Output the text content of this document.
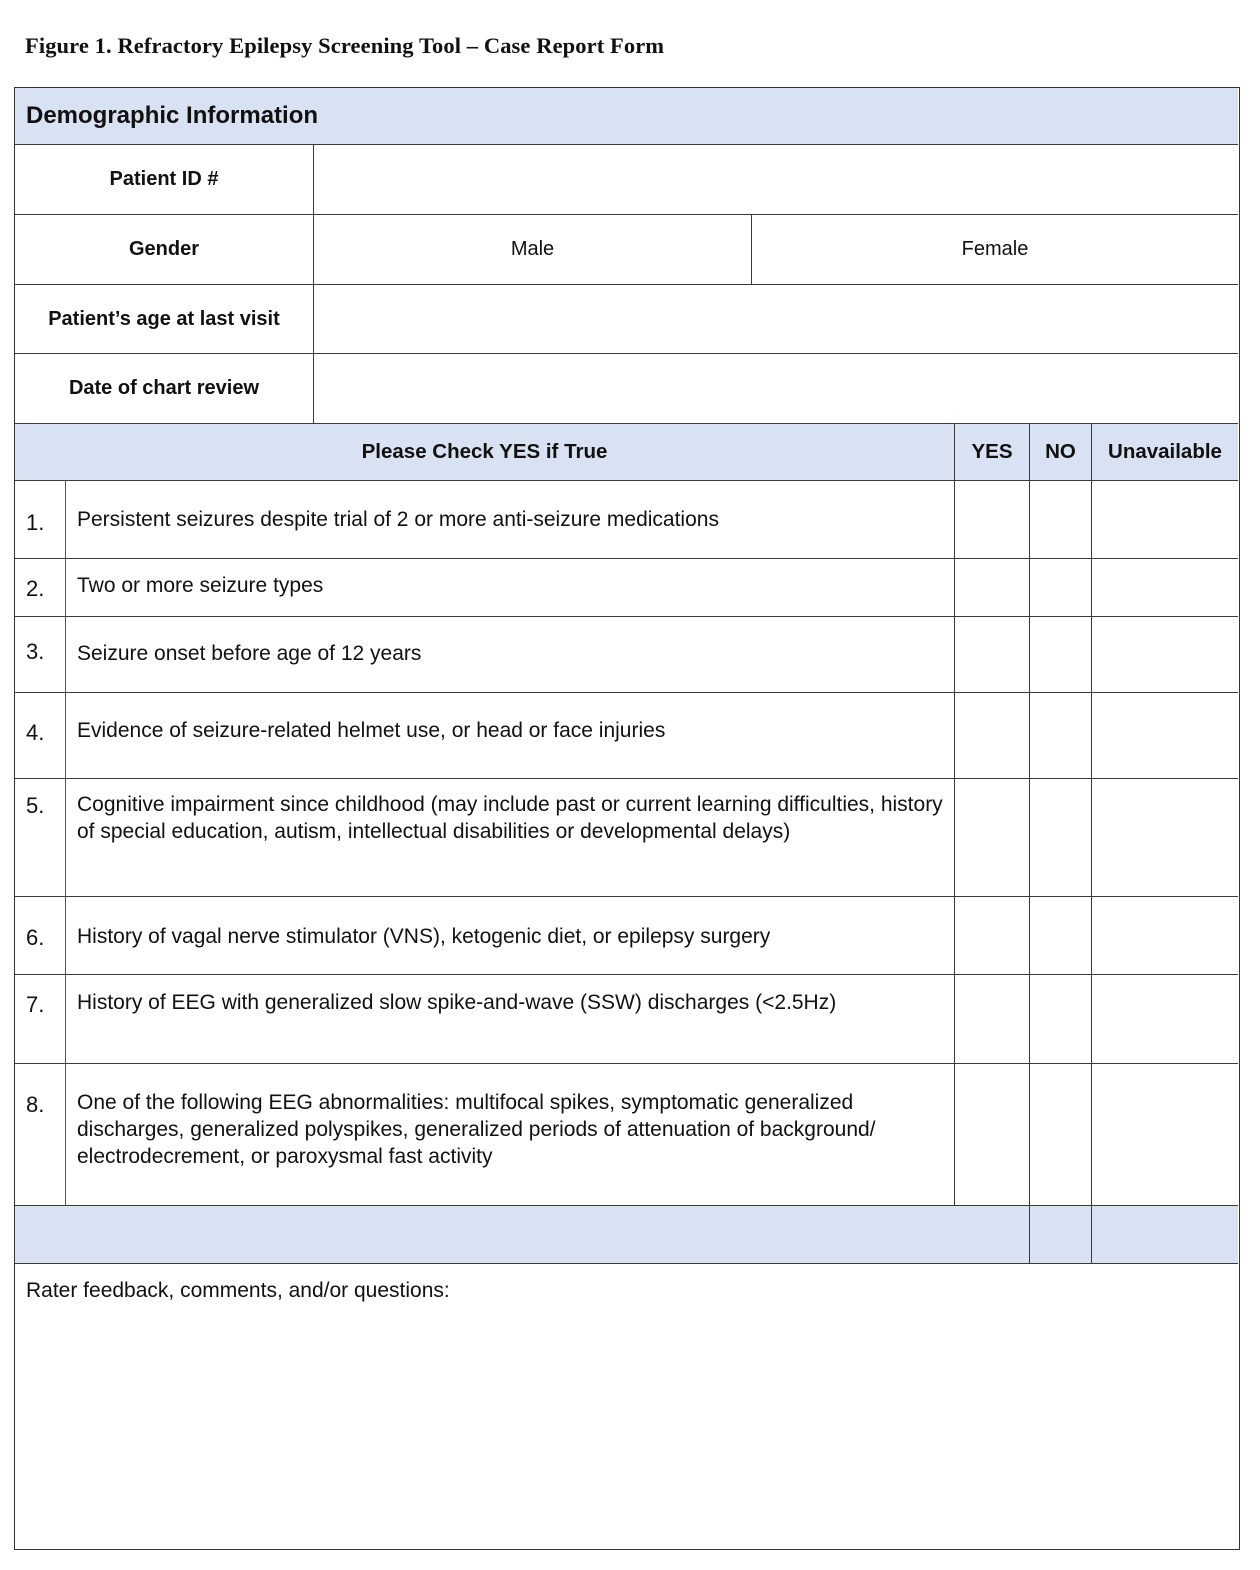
Figure 1. Refractory Epilepsy Screening Tool – Case Report Form
Demographic Information
Patient ID #
Gender	Male	Female
Patient’s age at last visit
Date of chart review
Please Check YES if True	YES	NO	Unavailable
1.	Persistent seizures despite trial of 2 or more anti-seizure medications
2.	Two or more seizure types
3.	Seizure onset before age of 12 years
4.	Evidence of seizure-related helmet use, or head or face injuries
5.	Cognitive impairment since childhood (may include past or current learning difficulties, history of special education, autism, intellectual disabilities or developmental delays)
6.	History of vagal nerve stimulator (VNS), ketogenic diet, or epilepsy surgery
7.	History of EEG with generalized slow spike-and-wave (SSW) discharges (<2.5Hz)
8.	One of the following EEG abnormalities: multifocal spikes, symptomatic generalized discharges, generalized polyspikes, generalized periods of attenuation of background/ electrodecrement, or paroxysmal fast activity
Rater feedback, comments, and/or questions:
